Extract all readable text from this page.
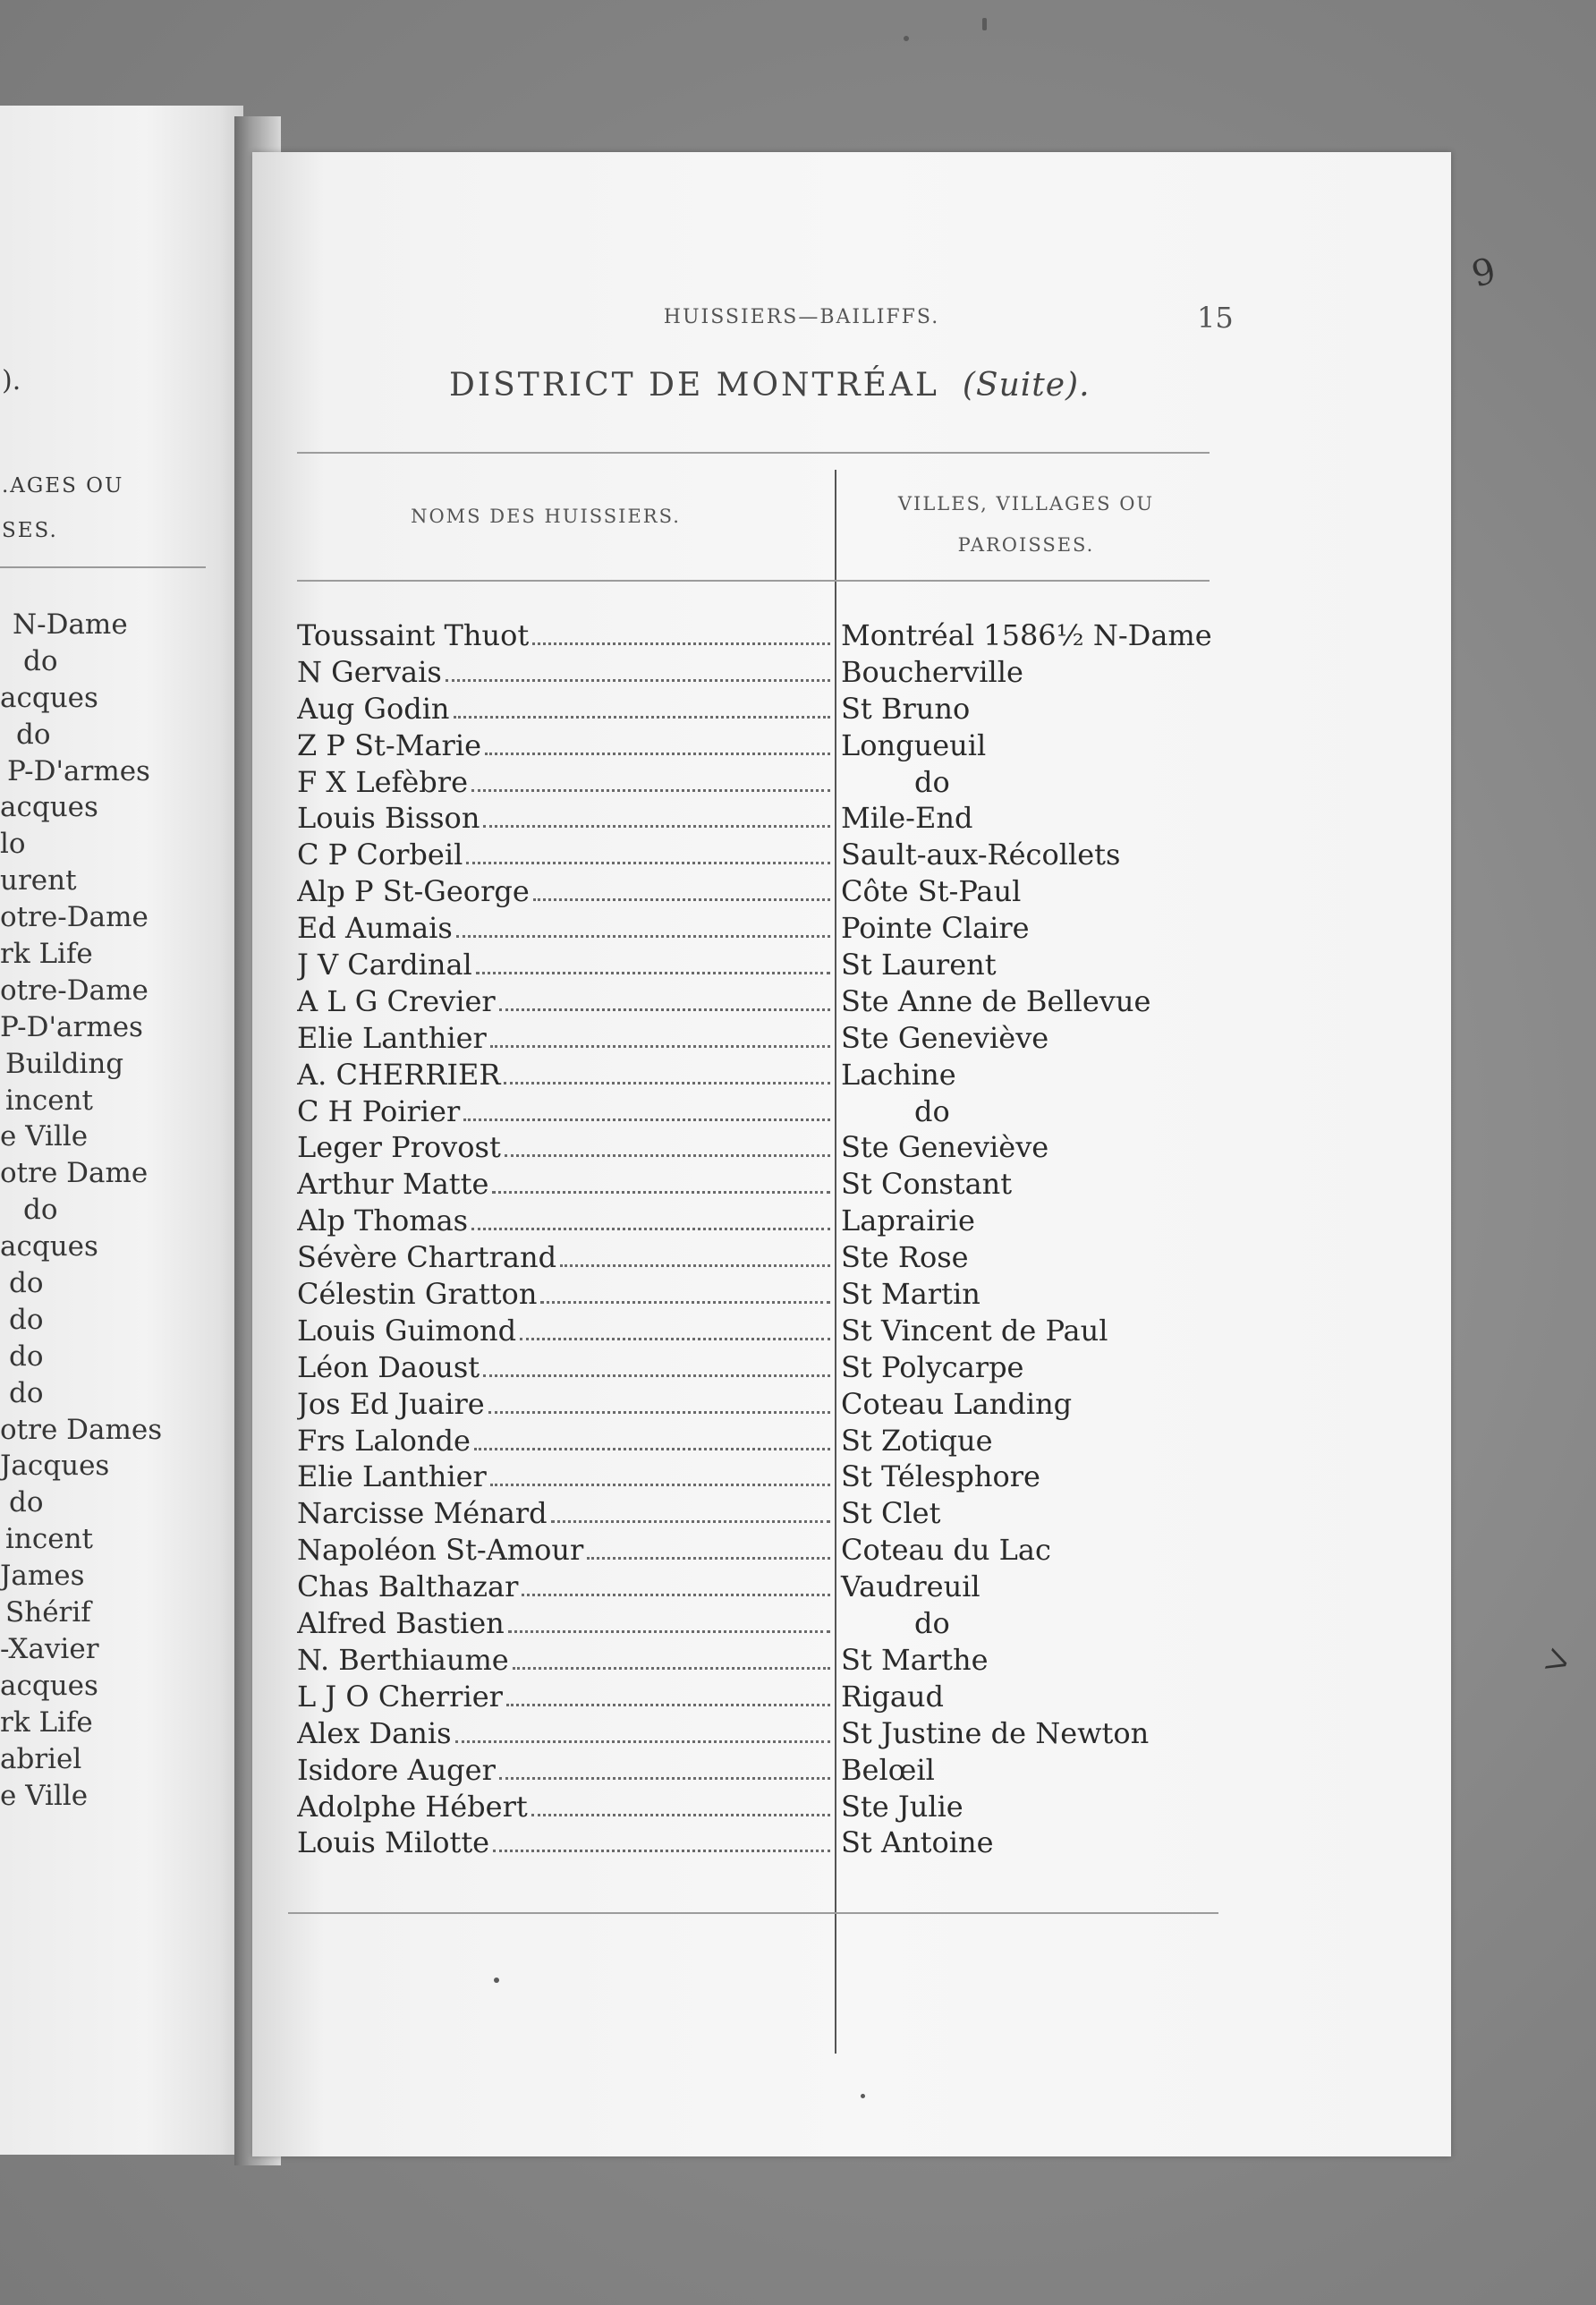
).
.AGES OU
SES.
N-Dame
do
acques
do
P-D'armes
acques
lo
urent
otre-Dame
rk Life
otre-Dame
P-D'armes
Building
incent
e Ville
otre Dame
do
acques
do
do
do
do
otre Dames
Jacques
do
incent
James
Shérif
-Xavier
acques
rk Life
abriel
e Ville
HUISSIERS—BAILIFFS.	15
DISTRICT DE MONTRÉAL (Suite).
NOMS DES HUISSIERS.
VILLES, VILLAGES OU
PAROISSES.
Toussaint Thuot	Montréal 1586½ N-Dame
N Gervais	Boucherville
Aug Godin	St Bruno
Z P St-Marie	Longueuil
F X Lefèbre	do
Louis Bisson	Mile-End
C P Corbeil	Sault-aux-Récollets
Alp P St-George	Côte St-Paul
Ed Aumais	Pointe Claire
J V Cardinal	St Laurent
A L G Crevier	Ste Anne de Bellevue
Elie Lanthier	Ste Geneviève
A. CHERRIER	Lachine
C H Poirier	do
Leger Provost	Ste Geneviève
Arthur Matte	St Constant
Alp Thomas	Laprairie
Sévère Chartrand	Ste Rose
Célestin Gratton	St Martin
Louis Guimond	St Vincent de Paul
Léon Daoust	St Polycarpe
Jos Ed Juaire	Coteau Landing
Frs Lalonde	St Zotique
Elie Lanthier	St Télesphore
Narcisse Ménard	St Clet
Napoléon St-Amour	Coteau du Lac
Chas Balthazar	Vaudreuil
Alfred Bastien	do
N. Berthiaume	St Marthe
L J O Cherrier	Rigaud
Alex Danis	St Justine de Newton
Isidore Auger	Belœil
Adolphe Hébert	Ste Julie
Louis Milotte	St Antoine
9
ᐳ
